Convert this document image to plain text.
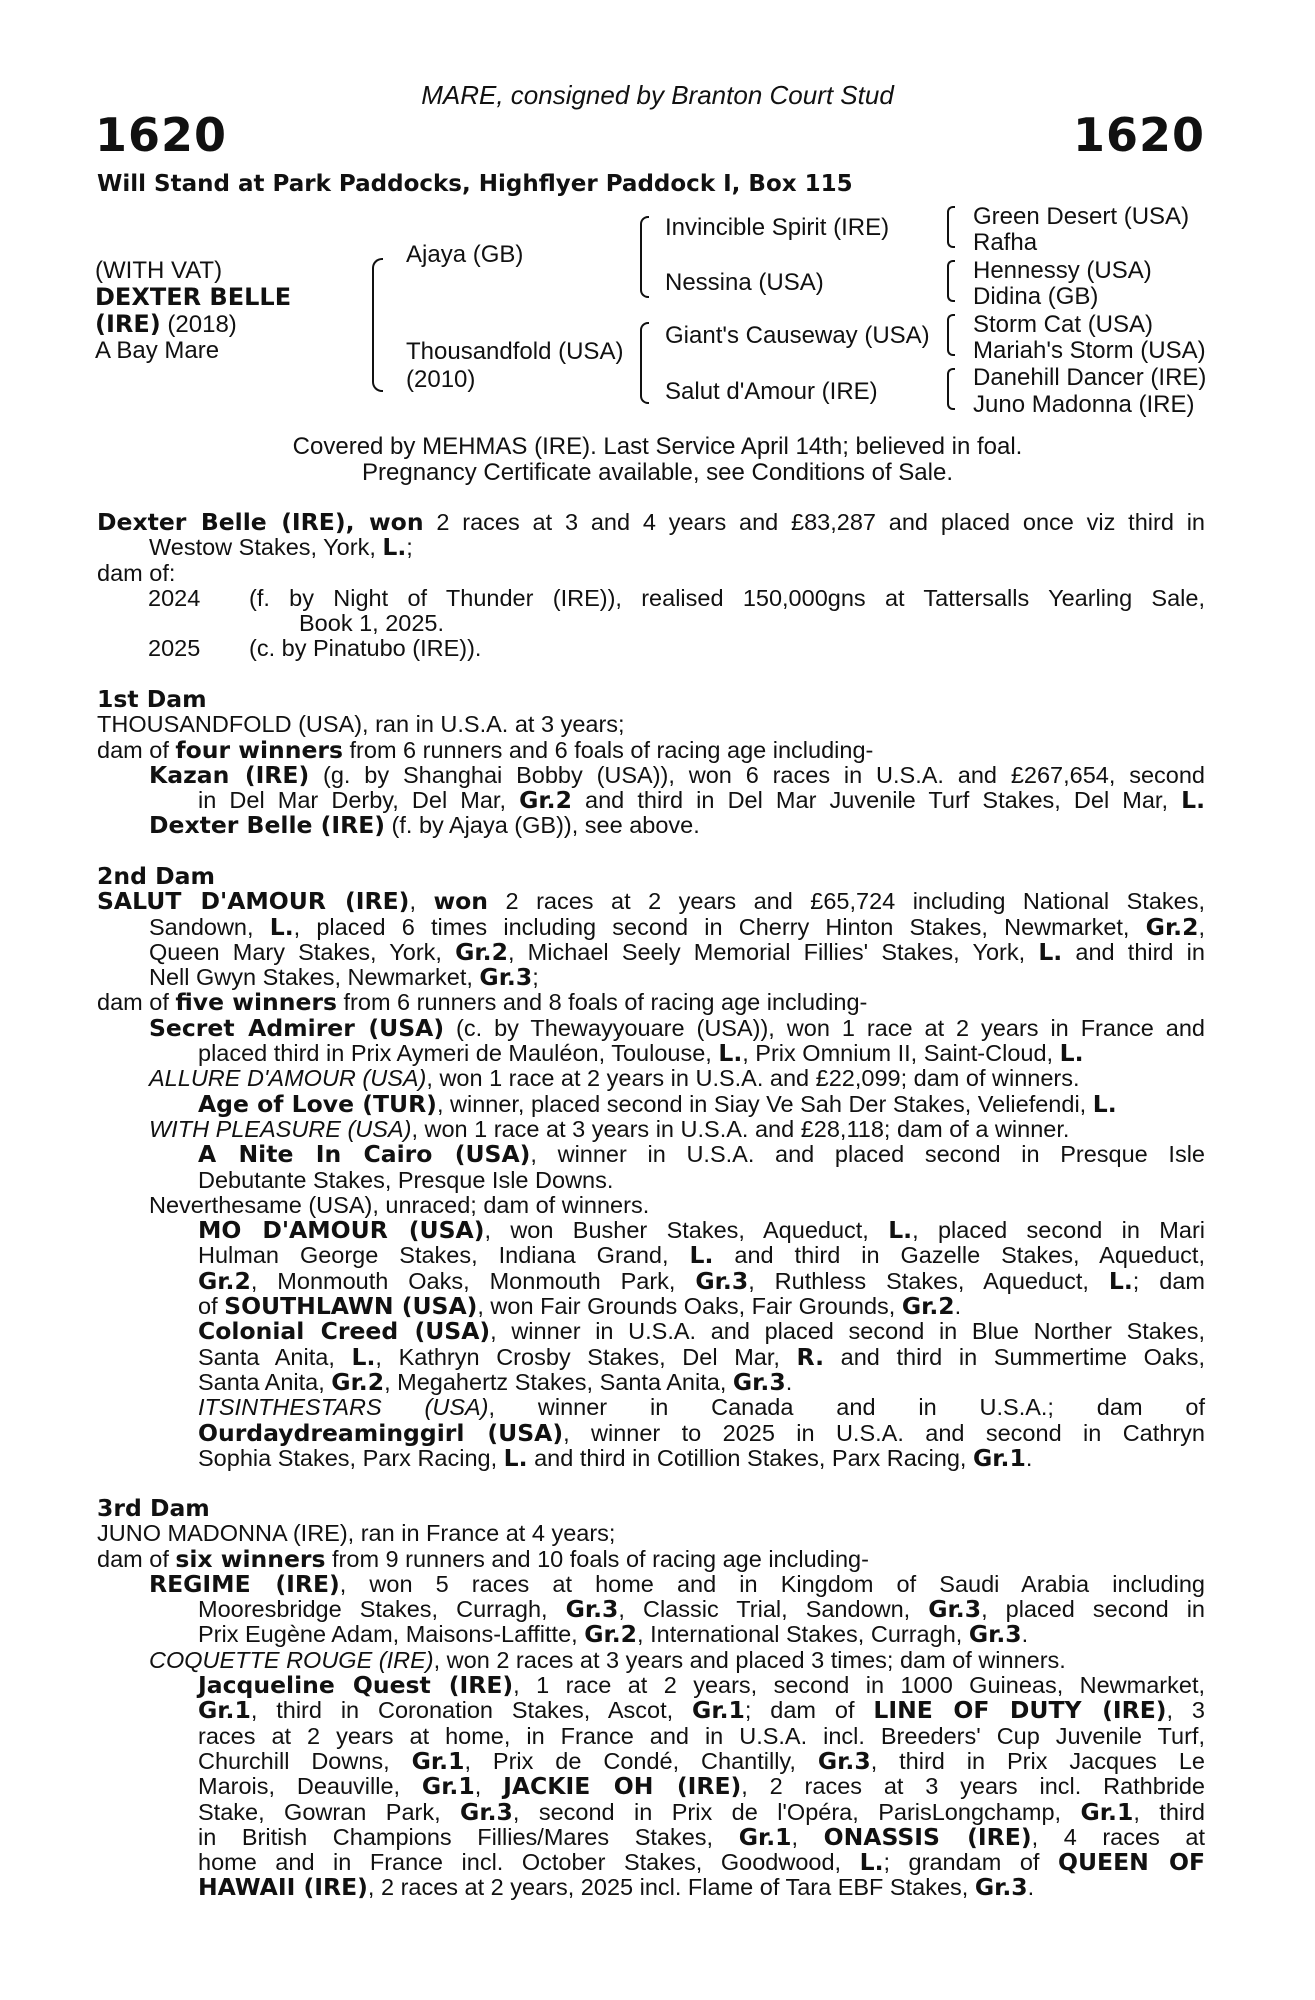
MARE, consigned by Branton Court Stud
1620	1620
Will Stand at Park Paddocks, Highflyer Paddock I, Box 115
(WITH VAT)
DEXTER BELLE
(IRE) (2018)
A Bay Mare
Ajaya (GB)
Thousandfold (USA)
(2010)
Invincible Spirit (IRE)
Nessina (USA)
Giant's Causeway (USA)
Salut d'Amour (IRE)
Green Desert (USA)
Rafha
Hennessy (USA)
Didina (GB)
Storm Cat (USA)
Mariah's Storm (USA)
Danehill Dancer (IRE)
Juno Madonna (IRE)
Covered by MEHMAS (IRE). Last Service April 14th; believed in foal.
Pregnancy Certificate available, see Conditions of Sale.
Dexter Belle (IRE), won 2 races at 3 and 4 years and £83,287 and placed once viz third in
Westow Stakes, York, L.;
dam of:
2024 (f. by Night of Thunder (IRE)), realised 150,000gns at Tattersalls Yearling Sale,
Book 1, 2025.
2025 (c. by Pinatubo (IRE)).
1st Dam
THOUSANDFOLD (USA), ran in U.S.A. at 3 years;
dam of four winners from 6 runners and 6 foals of racing age including-
Kazan (IRE) (g. by Shanghai Bobby (USA)), won 6 races in U.S.A. and £267,654, second
in Del Mar Derby, Del Mar, Gr.2 and third in Del Mar Juvenile Turf Stakes, Del Mar, L.
Dexter Belle (IRE) (f. by Ajaya (GB)), see above.
2nd Dam
SALUT D'AMOUR (IRE), won 2 races at 2 years and £65,724 including National Stakes,
Sandown, L., placed 6 times including second in Cherry Hinton Stakes, Newmarket, Gr.2,
Queen Mary Stakes, York, Gr.2, Michael Seely Memorial Fillies' Stakes, York, L. and third in
Nell Gwyn Stakes, Newmarket, Gr.3;
dam of five winners from 6 runners and 8 foals of racing age including-
Secret Admirer (USA) (c. by Thewayyouare (USA)), won 1 race at 2 years in France and
placed third in Prix Aymeri de Mauléon, Toulouse, L., Prix Omnium II, Saint-Cloud, L.
ALLURE D'AMOUR (USA), won 1 race at 2 years in U.S.A. and £22,099; dam of winners.
Age of Love (TUR), winner, placed second in Siay Ve Sah Der Stakes, Veliefendi, L.
WITH PLEASURE (USA), won 1 race at 3 years in U.S.A. and £28,118; dam of a winner.
A Nite In Cairo (USA), winner in U.S.A. and placed second in Presque Isle
Debutante Stakes, Presque Isle Downs.
Neverthesame (USA), unraced; dam of winners.
MO D'AMOUR (USA), won Busher Stakes, Aqueduct, L., placed second in Mari
Hulman George Stakes, Indiana Grand, L. and third in Gazelle Stakes, Aqueduct,
Gr.2, Monmouth Oaks, Monmouth Park, Gr.3, Ruthless Stakes, Aqueduct, L.; dam
of SOUTHLAWN (USA), won Fair Grounds Oaks, Fair Grounds, Gr.2.
Colonial Creed (USA), winner in U.S.A. and placed second in Blue Norther Stakes,
Santa Anita, L., Kathryn Crosby Stakes, Del Mar, R. and third in Summertime Oaks,
Santa Anita, Gr.2, Megahertz Stakes, Santa Anita, Gr.3.
ITSINTHESTARS (USA), winner in Canada and in U.S.A.; dam of
Ourdaydreaminggirl (USA), winner to 2025 in U.S.A. and second in Cathryn
Sophia Stakes, Parx Racing, L. and third in Cotillion Stakes, Parx Racing, Gr.1.
3rd Dam
JUNO MADONNA (IRE), ran in France at 4 years;
dam of six winners from 9 runners and 10 foals of racing age including-
REGIME (IRE), won 5 races at home and in Kingdom of Saudi Arabia including
Mooresbridge Stakes, Curragh, Gr.3, Classic Trial, Sandown, Gr.3, placed second in
Prix Eugène Adam, Maisons-Laffitte, Gr.2, International Stakes, Curragh, Gr.3.
COQUETTE ROUGE (IRE), won 2 races at 3 years and placed 3 times; dam of winners.
Jacqueline Quest (IRE), 1 race at 2 years, second in 1000 Guineas, Newmarket,
Gr.1, third in Coronation Stakes, Ascot, Gr.1; dam of LINE OF DUTY (IRE), 3
races at 2 years at home, in France and in U.S.A. incl. Breeders' Cup Juvenile Turf,
Churchill Downs, Gr.1, Prix de Condé, Chantilly, Gr.3, third in Prix Jacques Le
Marois, Deauville, Gr.1, JACKIE OH (IRE), 2 races at 3 years incl. Rathbride
Stake, Gowran Park, Gr.3, second in Prix de l'Opéra, ParisLongchamp, Gr.1, third
in British Champions Fillies/Mares Stakes, Gr.1, ONASSIS (IRE), 4 races at
home and in France incl. October Stakes, Goodwood, L.; grandam of QUEEN OF
HAWAII (IRE), 2 races at 2 years, 2025 incl. Flame of Tara EBF Stakes, Gr.3.
